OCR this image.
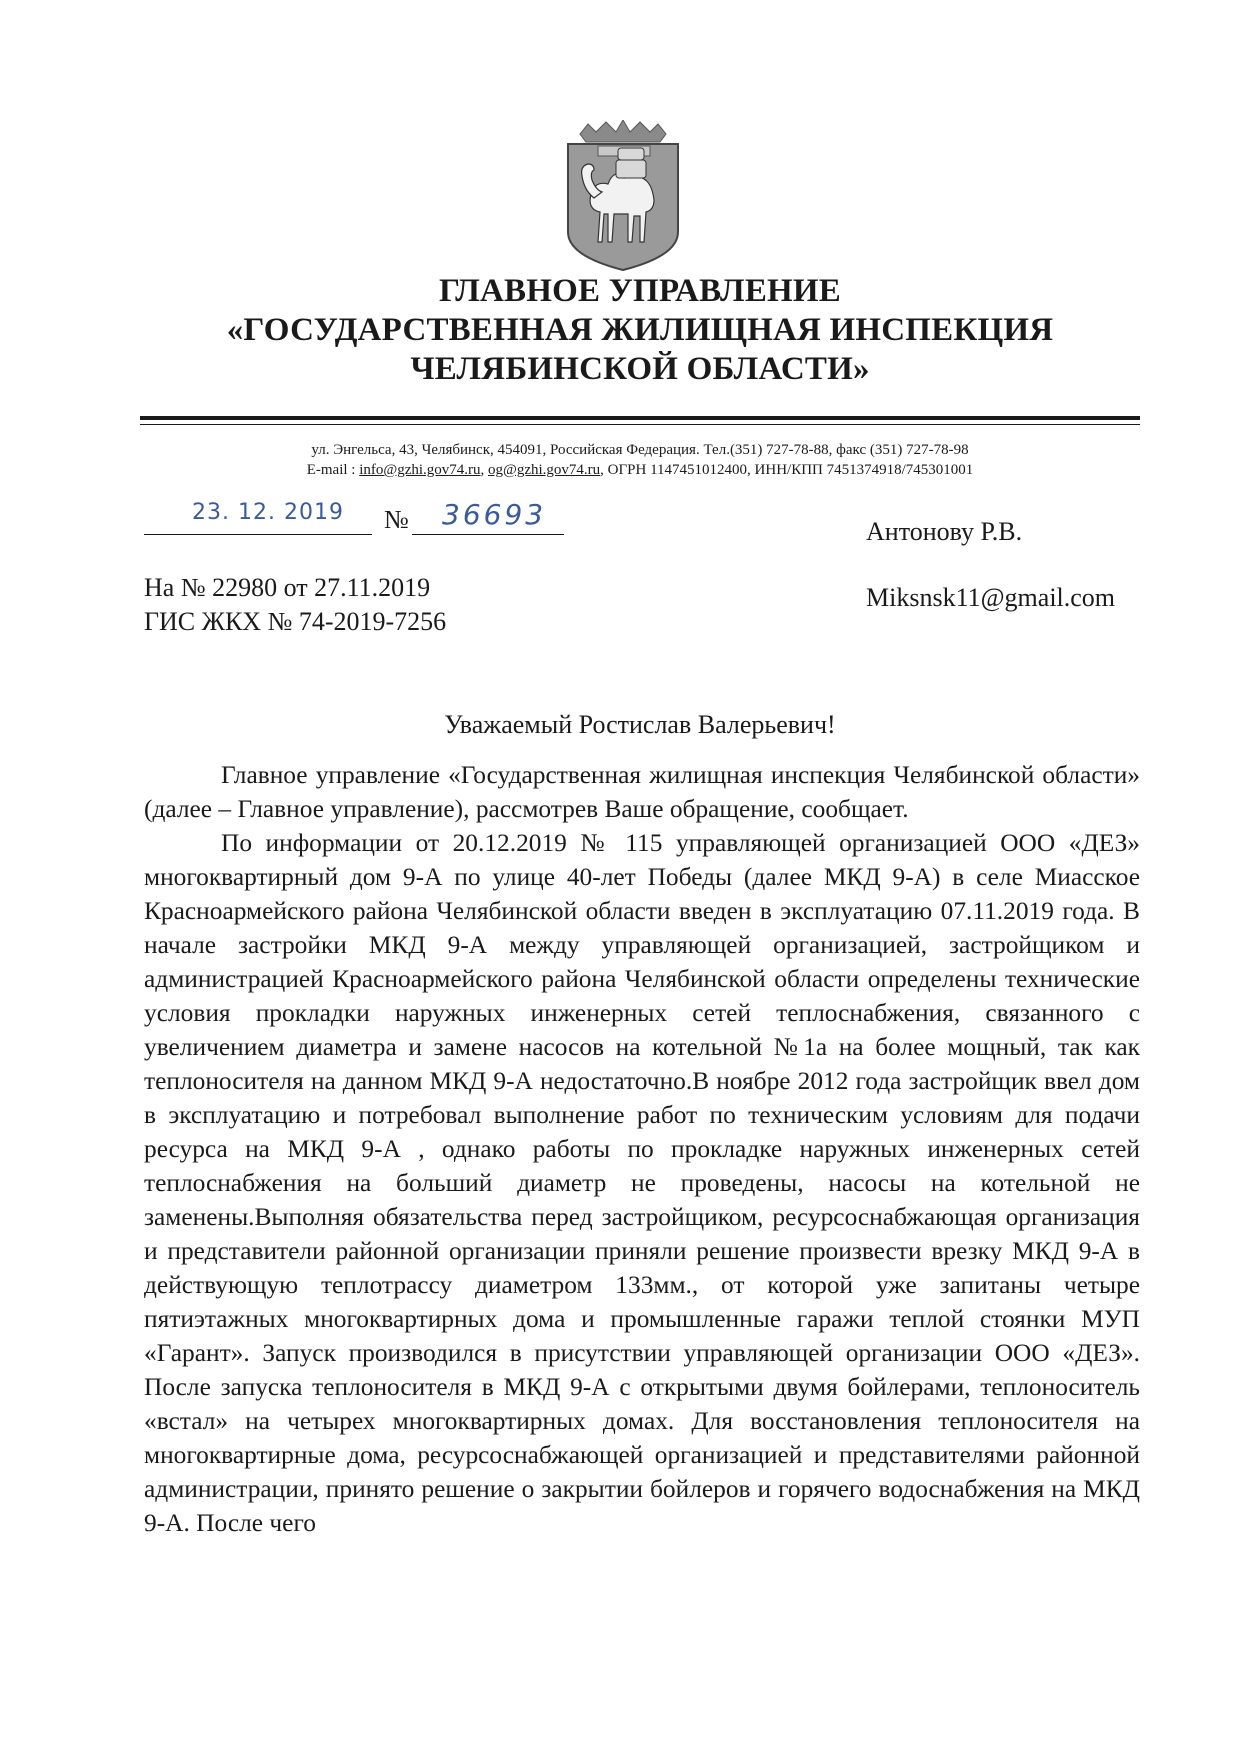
ГЛАВНОЕ УПРАВЛЕНИЕ
«ГОСУДАРСТВЕННАЯ ЖИЛИЩНАЯ ИНСПЕКЦИЯ
ЧЕЛЯБИНСКОЙ ОБЛАСТИ»
ул. Энгельса, 43, Челябинск, 454091, Российская Федерация. Тел.(351) 727-78-88, факс (351) 727-78-98
E-mail : info@gzhi.gov74.ru, og@gzhi.gov74.ru, ОГРН 1147451012400, ИНН/КПП 7451374918/745301001
23. 12. 2019 № 36693
Антонову Р.В.
Miksnsk11@gmail.com
На № 22980 от 27.11.2019
ГИС ЖКХ № 74-2019-7256
Уважаемый Ростислав Валерьевич!

Главное управление «Государственная жилищная инспекция Челябинской области» (далее – Главное управление), рассмотрев Ваше обращение, сообщает.

По информации от 20.12.2019 № 115 управляющей организацией ООО «ДЕЗ» многоквартирный дом 9-А по улице 40-лет Победы (далее МКД 9-А) в селе Миасское Красноармейского района Челябинской области введен в эксплуатацию 07.11.2019 года. В начале застройки МКД 9-А между управляющей организацией, застройщиком и администрацией Красноармейского района Челябинской области определены технические условия прокладки наружных инженерных сетей теплоснабжения, связанного с увеличением диаметра и замене насосов на котельной №1а на более мощный, так как теплоносителя на данном МКД 9-А недостаточно.В ноябре 2012 года застройщик ввел дом в эксплуатацию и потребовал выполнение работ по техническим условиям для подачи ресурса на МКД 9-А , однако работы по прокладке наружных инженерных сетей теплоснабжения на больший диаметр не проведены, насосы на котельной не заменены.Выполняя обязательства перед застройщиком, ресурсоснабжающая организация и представители районной организации приняли решение произвести врезку МКД 9-А в действующую теплотрассу диаметром 133мм., от которой уже запитаны четыре пятиэтажных многоквартирных дома и промышленные гаражи теплой стоянки МУП «Гарант». Запуск производился в присутствии управляющей организации ООО «ДЕЗ». После запуска теплоносителя в МКД 9-А с открытыми двумя бойлерами, теплоноситель «встал» на четырех многоквартирных домах. Для восстановления теплоносителя на многоквартирные дома, ресурсоснабжающей организацией и представителями районной администрации, принято решение о закрытии бойлеров и горячего водоснабжения на МКД 9-А. После чего
